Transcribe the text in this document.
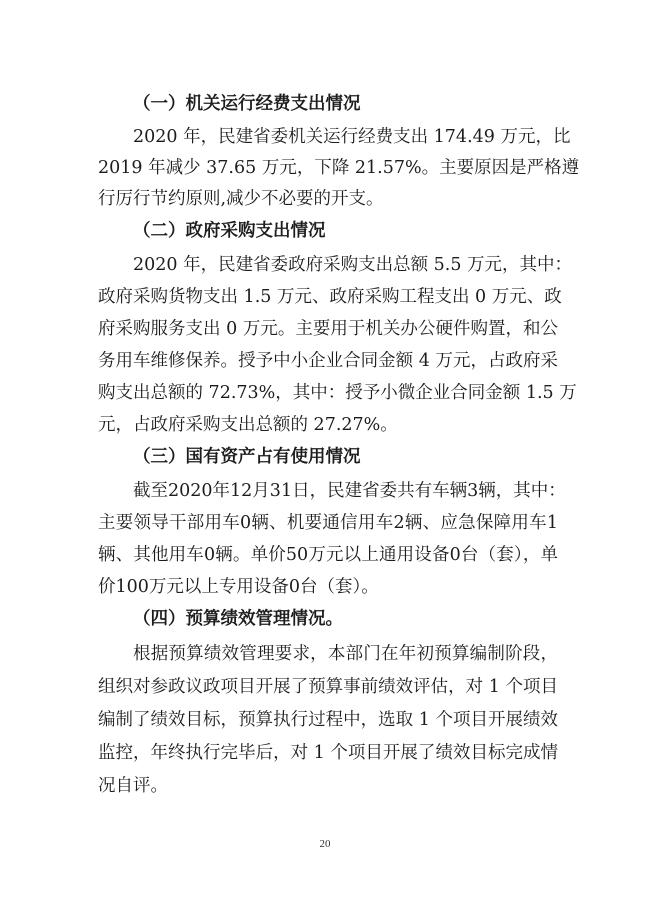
（一）机关运行经费支出情况
2020 年，民建省委机关运行经费支出 174.49 万元，比
2019 年减少 37.65 万元，下降 21.57%。主要原因是严格遵
行厉行节约原则,减少不必要的开支。
（二）政府采购支出情况
2020 年，民建省委政府采购支出总额 5.5 万元，其中：
政府采购货物支出 1.5 万元、政府采购工程支出 0 万元、政
府采购服务支出 0 万元。主要用于机关办公硬件购置，和公
务用车维修保养。授予中小企业合同金额 4 万元，占政府采
购支出总额的 72.73%，其中：授予小微企业合同金额 1.5 万
元，占政府采购支出总额的 27.27%。
（三）国有资产占有使用情况
截至2020年12月31日，民建省委共有车辆3辆，其中：
主要领导干部用车0辆、机要通信用车2辆、应急保障用车1
辆、其他用车0辆。单价50万元以上通用设备0台（套），单
价100万元以上专用设备0台（套）。
（四）预算绩效管理情况。
根据预算绩效管理要求，本部门在年初预算编制阶段，
组织对参政议政项目开展了预算事前绩效评估，对 1 个项目
编制了绩效目标，预算执行过程中，选取 1 个项目开展绩效
监控，年终执行完毕后，对 1 个项目开展了绩效目标完成情
况自评。
20
